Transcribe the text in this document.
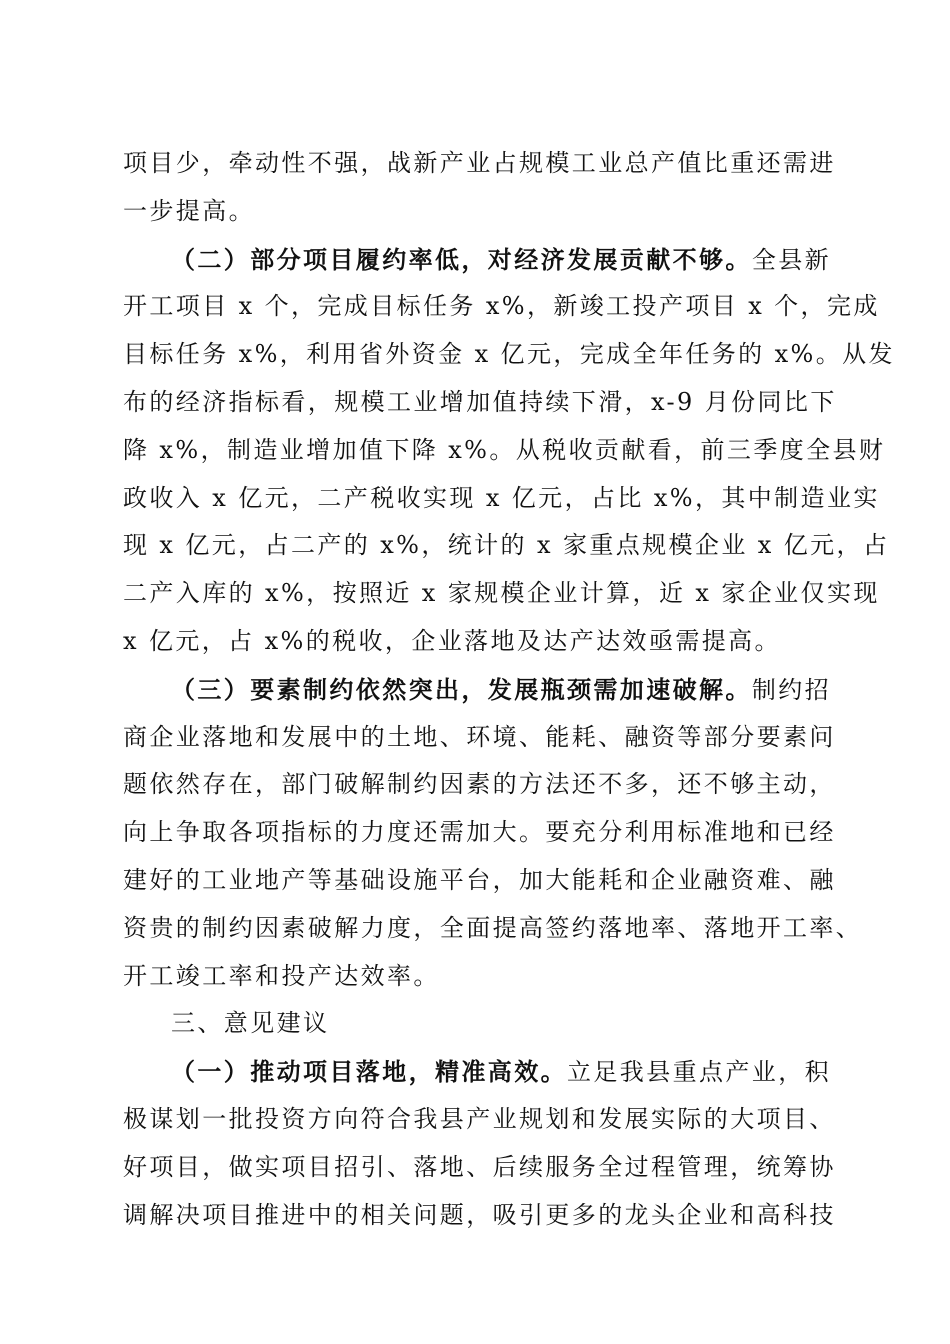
项目少，牵动性不强，战新产业占规模工业总产值比重还需进
一步提高。
（二）部分项目履约率低，对经济发展贡献不够。全县新
开工项目 x 个，完成目标任务 x%，新竣工投产项目 x 个，完成
目标任务 x%，利用省外资金 x 亿元，完成全年任务的 x%。从发
布的经济指标看，规模工业增加值持续下滑，x-9 月份同比下
降 x%，制造业增加值下降 x%。从税收贡献看，前三季度全县财
政收入 x 亿元，二产税收实现 x 亿元，占比 x%，其中制造业实
现 x 亿元，占二产的 x%，统计的 x 家重点规模企业 x 亿元，占
二产入库的 x%，按照近 x 家规模企业计算，近 x 家企业仅实现
x 亿元，占 x%的税收，企业落地及达产达效亟需提高。
（三）要素制约依然突出，发展瓶颈需加速破解。制约招
商企业落地和发展中的土地、环境、能耗、融资等部分要素问
题依然存在，部门破解制约因素的方法还不多，还不够主动，
向上争取各项指标的力度还需加大。要充分利用标准地和已经
建好的工业地产等基础设施平台，加大能耗和企业融资难、融
资贵的制约因素破解力度，全面提高签约落地率、落地开工率、
开工竣工率和投产达效率。
三、意见建议
（一）推动项目落地，精准高效。立足我县重点产业，积
极谋划一批投资方向符合我县产业规划和发展实际的大项目、
好项目，做实项目招引、落地、后续服务全过程管理，统筹协
调解决项目推进中的相关问题，吸引更多的龙头企业和高科技
